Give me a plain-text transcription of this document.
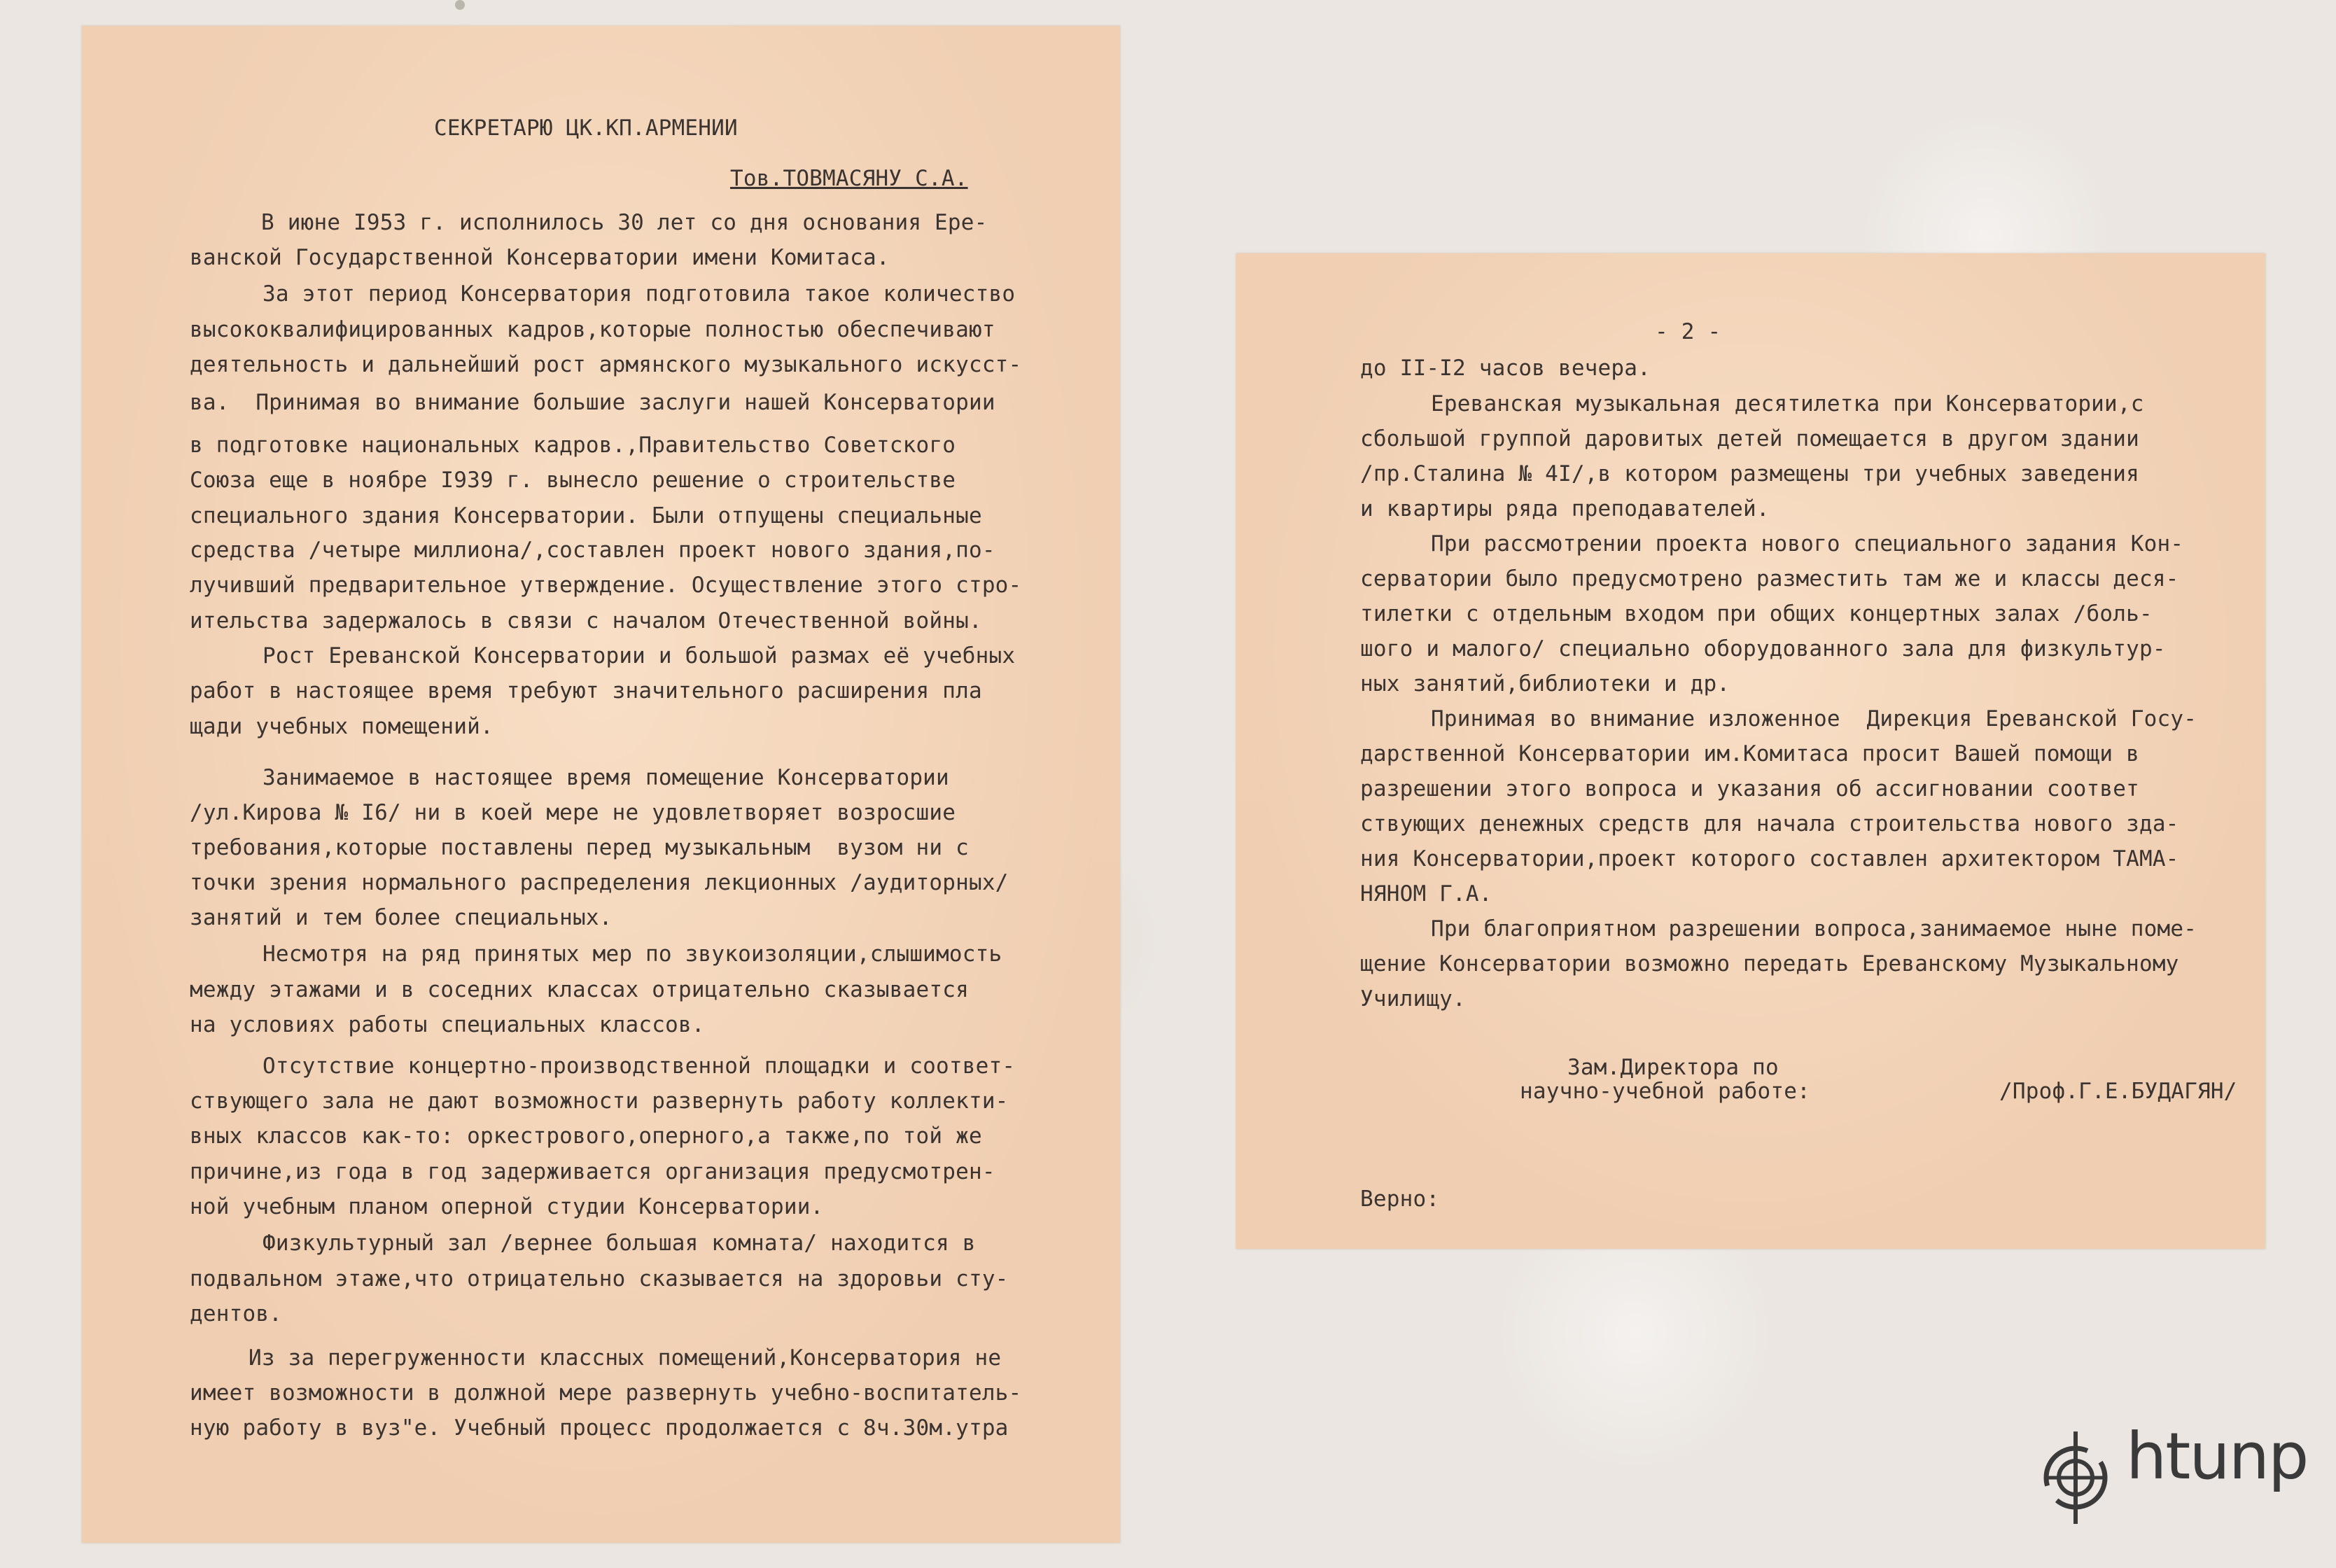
СЕКРЕТАРЮ ЦК.КП.АРМЕНИИ

Тов.ТОВМАСЯНУ С.А.

В июне I953 г. исполнилось 30 лет со дня основания Ере-

ванской Государственной Консерватории имени Комитаса.

За этот период Консерватория подготовила такое количество

высококвалифицированных кадров,которые полностью обеспечивают

деятельность и дальнейший рост армянского музыкального искусст-

ва.  Принимая во внимание большие заслуги нашей Консерватории

в подготовке национальных кадров.,Правительство Советского

Союза еще в ноябре I939 г. вынесло решение о строительстве

специального здания Консерватории. Были отпущены специальные

средства /четыре миллиона/,составлен проект нового здания,по-

лучивший предварительное утверждение. Осуществление этого стро-

ительства задержалось в связи с началом Отечественной войны.

Рост Ереванской Консерватории и большой размах её учебных

работ в настоящее время требуют значительного расширения пла

щади учебных помещений.

Занимаемое в настоящее время помещение Консерватории

/ул.Кирова № I6/ ни в коей мере не удовлетворяет возросшие

требования,которые поставлены перед музыкальным  вузом ни с

точки зрения нормального распределения лекционных /аудиторных/

занятий и тем более специальных.

Несмотря на ряд принятых мер по звукоизоляции,слышимость

между этажами и в соседних классах отрицательно сказывается

на условиях работы специальных классов.

Отсутствие концертно-производственной площадки и соответ-

ствующего зала не дают возможности развернуть работу коллекти-

вных классов как-то: оркестрового,оперного,а также,по той же

причине,из года в год задерживается организация предусмотрен-

ной учебным планом оперной студии Консерватории.

Физкультурный зал /вернее большая комната/ находится в

подвальном этаже,что отрицательно сказывается на здоровьи сту-

дентов.

Из за перегруженности классных помещений,Консерватория не

имеет возможности в должной мере развернуть учебно-воспитатель-

ную работу в вуз"е. Учебный процесс продолжается с 8ч.30м.утра

- 2 -

до II-I2 часов вечера.

Ереванская музыкальная десятилетка при Консерватории,с

сбольшой группой даровитых детей помещается в другом здании

/пр.Сталина № 4I/,в котором размещены три учебных заведения

и квартиры ряда преподавателей.

При рассмотрении проекта нового специального задания Кон-

серватории было предусмотрено разместить там же и классы деся-

тилетки с отдельным входом при общих концертных залах /боль-

шого и малого/ специально оборудованного зала для физкультур-

ных занятий,библиотеки и др.

Принимая во внимание изложенное  Дирекция Ереванской Госу-

дарственной Консерватории им.Комитаса просит Вашей помощи в

разрешении этого вопроса и указания об ассигновании соответ

ствующих денежных средств для начала строительства нового зда-

ния Консерватории,проект которого составлен архитектором ТАМА-

НЯНОМ Г.А.

При благоприятном разрешении вопроса,занимаемое ныне поме-

щение Консерватории возможно передать Ереванскому Музыкальному

Училищу.

Зам.Директора по

научно-учебной работе:	/Проф.Г.Е.БУДАГЯН/

Верно:

htunp
